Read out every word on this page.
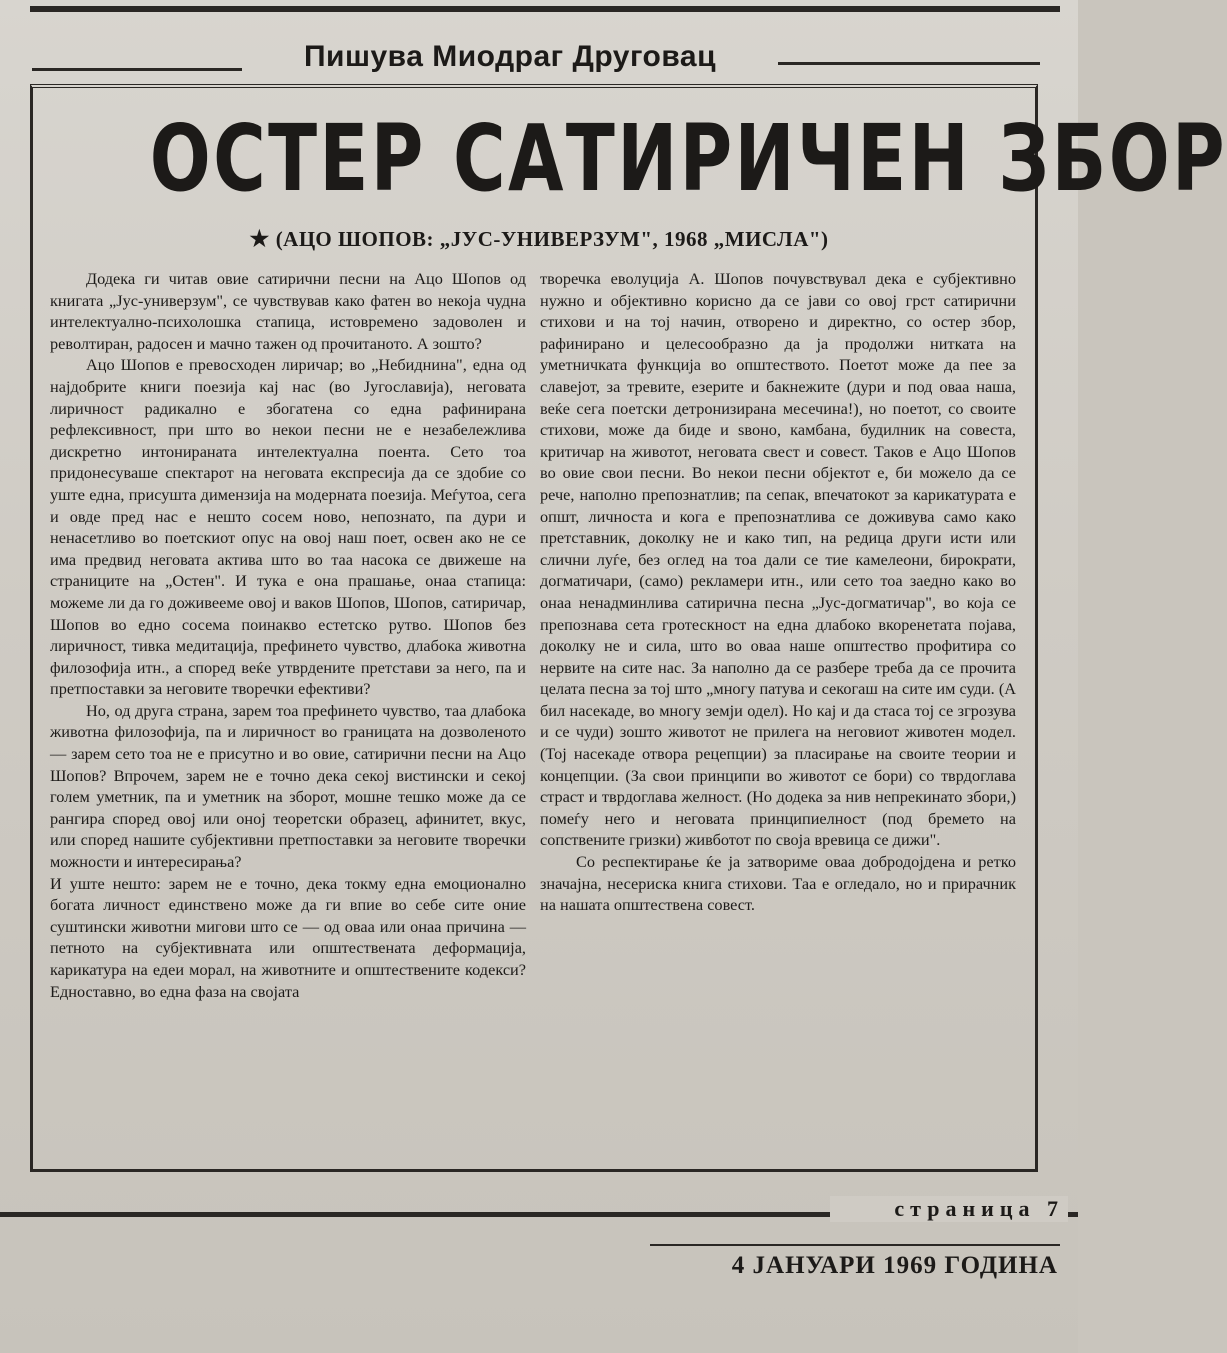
Пишува Миодраг Друговац
ОСТЕР САТИРИЧЕН ЗБОР
★ (АЦО ШОПОВ: „ЈУС-УНИВЕРЗУМ", 1968 „МИСЛА")

Додека ги читав овие сатирични песни на Ацо Шопов од книгата „Јус-универзум", се чувствував како фатен во некоја чудна интелектуално-психолошка стапица, истовремено задоволен и револтиран, радосен и мачно тажен од прочитаното. А зошто?

Ацо Шопов е превосходен лиричар; во „Небиднина", една од најдобрите книги поезија кај нас (во Југославија), неговата лиричност радикално е збогатена со една рафинирана рефлексивност, при што во некои песни не е незабележлива дискретно интонираната интелектуална поента. Сето тоа придонесуваше спектарот на неговата експресија да се здобие со уште една, присушта димензија на модерната поезија. Меѓутоа, сега и овде пред нас е нешто сосем ново, непознато, па дури и ненасетливо во поетскиот опус на овој наш поет, освен ако не се има предвид неговата актива што во таа насока се движеше на страниците на „Остен". И тука е она прашање, онаа стапица: можеме ли да го доживееме овој и ваков Шопов, Шопов, сатиричар, Шопов во едно сосема поинакво естетско рутво. Шопов без лиричност, тивка медитација, префинето чувство, длабока животна филозофија итн., а според веќе утврдените претстави за него, па и претпоставки за неговите творечки ефективи?

Но, од друга страна, зарем тоа префинето чувство, таа длабока животна филозофија, па и лиричност во границата на дозволеното — зарем сето тоа не е присутно и во овие, сатирични песни на Ацо Шопов? Впрочем, зарем не е точно дека секој вистински и секој голем уметник, па и уметник на зборот, мошне тешко може да се рангира според овој или оној теоретски образец, афинитет, вкус, или според нашите субјективни претпоставки за неговите творечки можности и интересирања?

И уште нешто: зарем не е точно, дека токму една емоционално богата личност единствено може да ги впие во себе сите оние суштински животни мигови што се — од оваа или онаа причина — петното на субјективната или општествената деформација, карикатура на едеи морал, на животните и општествените кодекси? Едноставно, во една фаза на својата

творечка еволуција А. Шопов почувствувал дека е субјективно нужно и објективно корисно да се јави со овој грст сатирични стихови и на тој начин, отворено и директно, со остер збор, рафинирано и целесообразно да ја продолжи нитката на уметничката функција во општеството. Поетот може да пее за славејот, за тревите, езерите и бакнежите (дури и под оваа наша, веќе сега поетски детронизирана месечина!), но поетот, со своите стихови, може да биде и ѕвоно, камбана, будилник на совеста, критичар на животот, неговата свест и совест. Таков е Ацо Шопов во овие свои песни. Во некои песни објектот е, би можело да се рече, наполно препознатлив; па сепак, впечатокот за карикатурата е општ, личноста и кога е препознатлива се доживува само како претставник, доколку не и како тип, на редица други исти или слични луѓе, без оглед на тоа дали се тие камелеони, бирократи, догматичари, (само) рекламери итн., или сето тоа заедно како во онаа ненадминлива сатирична песна „Јус-догматичар", во која се препознава сета гротескност на една длабоко вкоренетата појава, доколку не и сила, што во оваа наше општество профитира со нервите на сите нас. За наполно да се разбере треба да се прочита целата песна за тој што „многу патува и секогаш на сите им суди. (А бил насекаде, во многу земји одел). Но кај и да стаса тој се згрозува и се чуди) зошто животот не прилега на неговиот животен модел. (Тој насекаде отвора рецепции) за пласирање на своите теории и концепции. (За свои принципи во животот се бори) со тврдоглава страст и тврдоглава желност. (Но додека за нив непрекинато збори,) помеѓу него и неговата принципиелност (под бремето на сопствените гризки) живботот по своја вревица се дижи".

Со респектирање ќе ја затвориме оваа добродојдена и ретко значајна, несериска книга стихови. Таа е огледало, но и прирачник на нашата општествена совест.

страница 7
4 ЈАНУАРИ 1969 ГОДИНА
